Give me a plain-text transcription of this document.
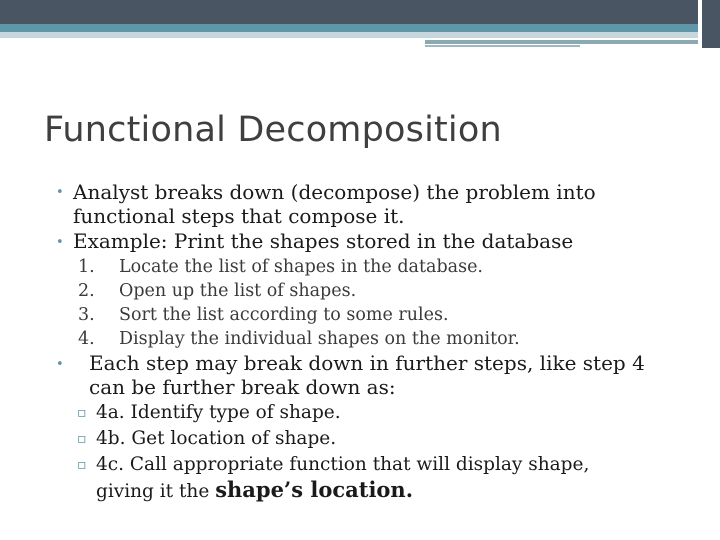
Functional Decomposition
• Analyst breaks down (decompose) the problem into
functional steps that compose it.
• Example: Print the shapes stored in the database
1. Locate the list of shapes in the database.
2. Open up the list of shapes.
3. Sort the list according to some rules.
4. Display the individual shapes on the monitor.
• Each step may break down in further steps, like step 4
can be further break down as:
▫ 4a. Identify type of shape.
▫ 4b. Get location of shape.
▫ 4c. Call appropriate function that will display shape,
giving it the shape’s location.
